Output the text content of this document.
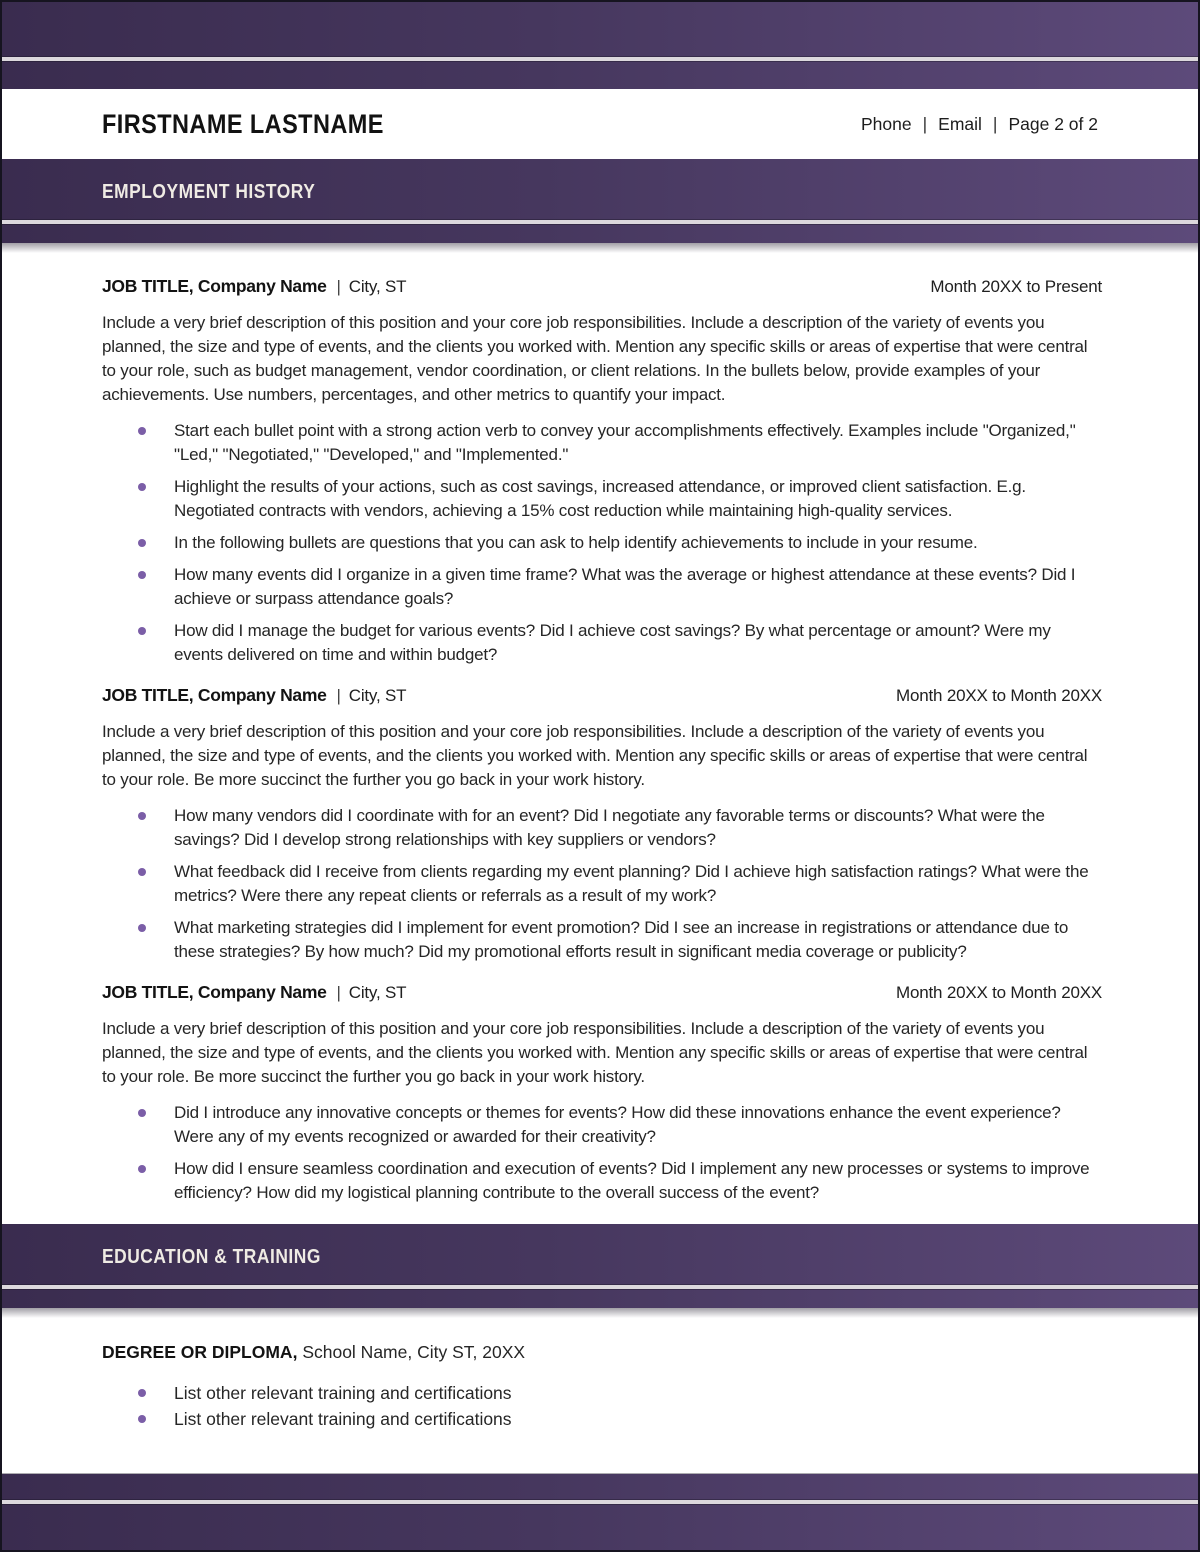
FIRSTNAME LASTNAME	Phone | Email | Page 2 of 2
EMPLOYMENT HISTORY
JOB TITLE, Company Name | City, ST	Month 20XX to Present

Include a very brief description of this position and your core job responsibilities. Include a description of the variety of events you planned, the size and type of events, and the clients you worked with. Mention any specific skills or areas of expertise that were central to your role, such as budget management, vendor coordination, or client relations. In the bullets below, provide examples of your achievements. Use numbers, percentages, and other metrics to quantify your impact.

Start each bullet point with a strong action verb to convey your accomplishments effectively. Examples include "Organized," "Led," "Negotiated," "Developed," and "Implemented."
Highlight the results of your actions, such as cost savings, increased attendance, or improved client satisfaction. E.g. Negotiated contracts with vendors, achieving a 15% cost reduction while maintaining high-quality services.
In the following bullets are questions that you can ask to help identify achievements to include in your resume.
How many events did I organize in a given time frame? What was the average or highest attendance at these events? Did I achieve or surpass attendance goals?
How did I manage the budget for various events? Did I achieve cost savings? By what percentage or amount? Were my events delivered on time and within budget?
JOB TITLE, Company Name | City, ST	Month 20XX to Month 20XX

Include a very brief description of this position and your core job responsibilities. Include a description of the variety of events you planned, the size and type of events, and the clients you worked with. Mention any specific skills or areas of expertise that were central to your role. Be more succinct the further you go back in your work history.

How many vendors did I coordinate with for an event? Did I negotiate any favorable terms or discounts? What were the savings? Did I develop strong relationships with key suppliers or vendors?
What feedback did I receive from clients regarding my event planning? Did I achieve high satisfaction ratings? What were the metrics? Were there any repeat clients or referrals as a result of my work?
What marketing strategies did I implement for event promotion? Did I see an increase in registrations or attendance due to these strategies? By how much? Did my promotional efforts result in significant media coverage or publicity?
JOB TITLE, Company Name | City, ST	Month 20XX to Month 20XX

Include a very brief description of this position and your core job responsibilities. Include a description of the variety of events you planned, the size and type of events, and the clients you worked with. Mention any specific skills or areas of expertise that were central to your role. Be more succinct the further you go back in your work history.

Did I introduce any innovative concepts or themes for events? How did these innovations enhance the event experience? Were any of my events recognized or awarded for their creativity?
How did I ensure seamless coordination and execution of events? Did I implement any new processes or systems to improve efficiency? How did my logistical planning contribute to the overall success of the event?
EDUCATION & TRAINING

DEGREE OR DIPLOMA, School Name, City ST, 20XX

List other relevant training and certifications
List other relevant training and certifications
